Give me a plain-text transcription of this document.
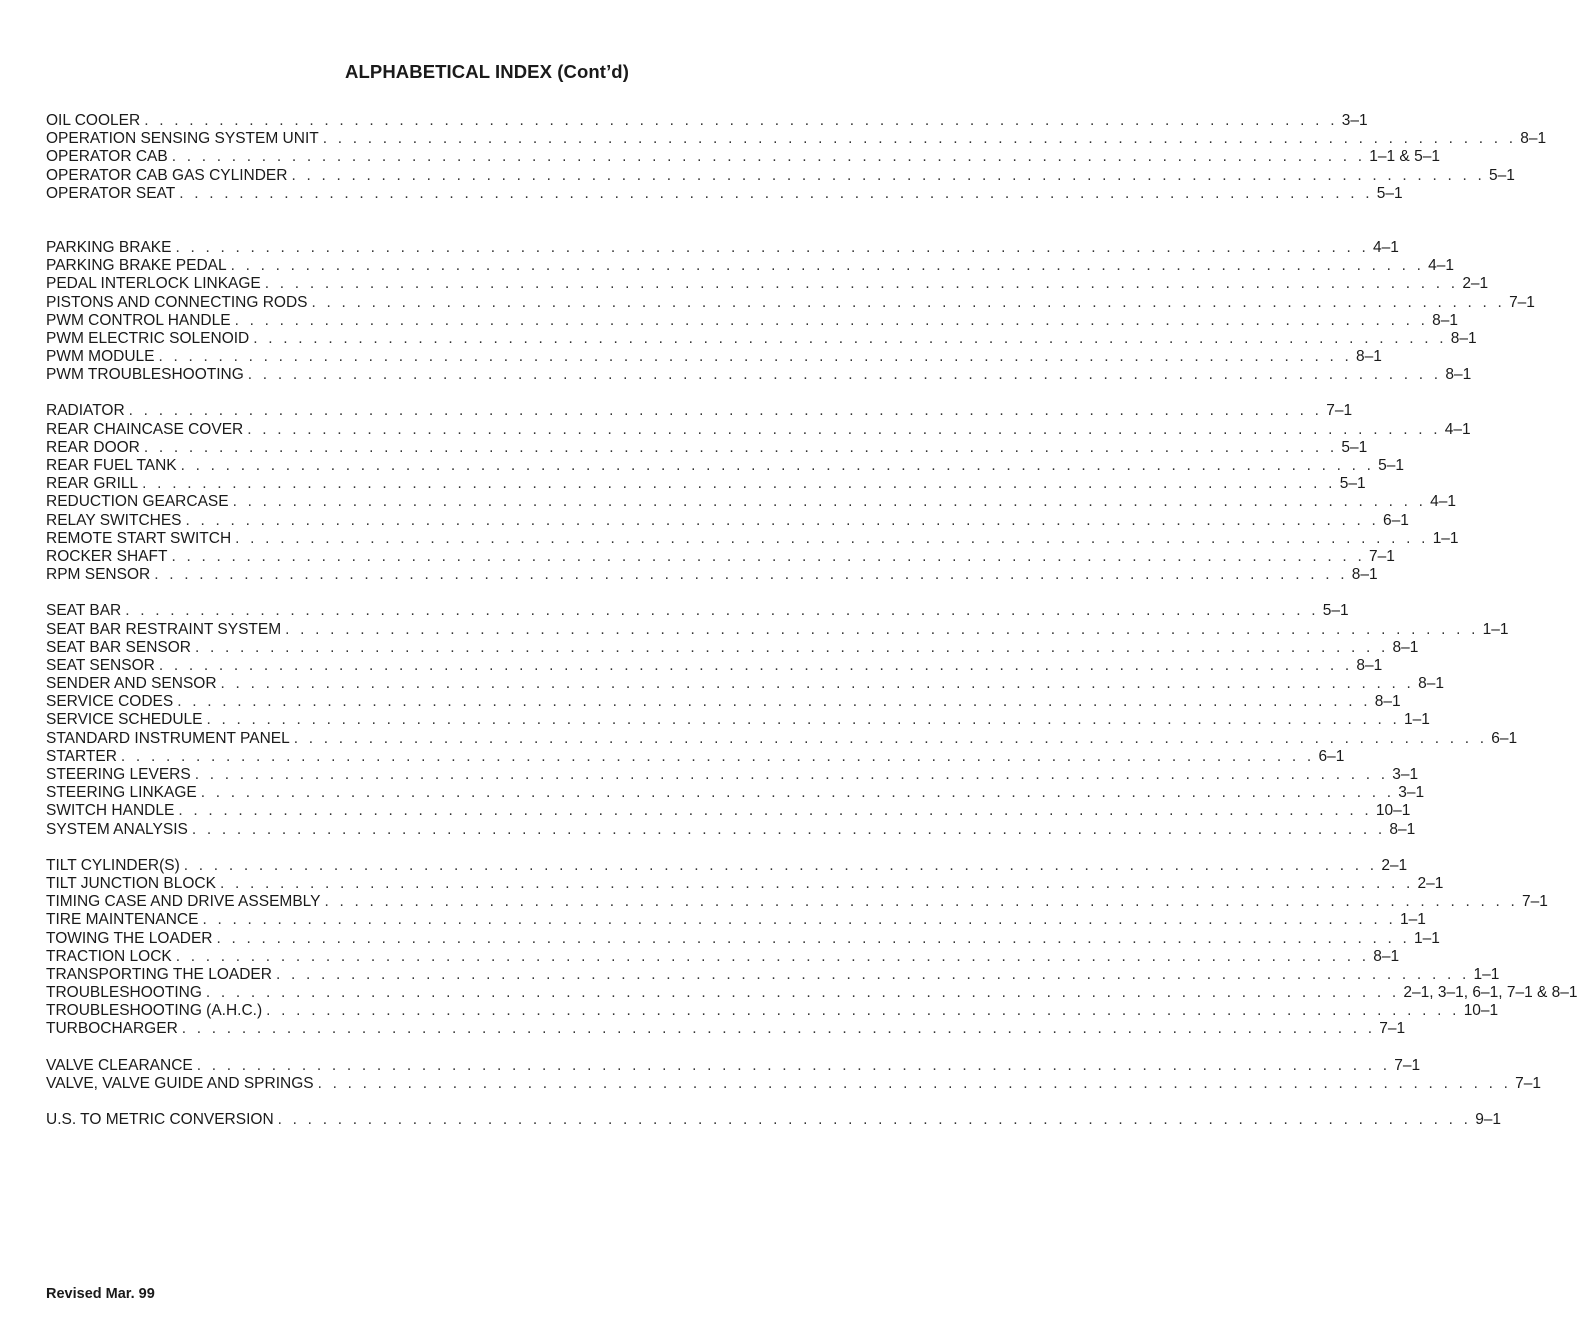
ALPHABETICAL INDEX (Cont’d)
OIL COOLER . . . . . . . . . . . . . . . . . . . . . . . . . . . . . . . . . . . . . . . . . . . . . . . . . . . . . . . . . . . . . . . . . . . . . . . . . . . . . . . . 3–1
OPERATION SENSING SYSTEM UNIT . . . . . . . . . . . . . . . . . . . . . . . . . . . . . . . . . . . . . . . . . . . . . . . . . . . . . . . . . . . . . . . . . . . . . . . . . . . . . . . . 8–1
OPERATOR CAB . . . . . . . . . . . . . . . . . . . . . . . . . . . . . . . . . . . . . . . . . . . . . . . . . . . . . . . . . . . . . . . . . . . . . . . . . . . . . . . . 1–1 & 5–1
OPERATOR CAB GAS CYLINDER . . . . . . . . . . . . . . . . . . . . . . . . . . . . . . . . . . . . . . . . . . . . . . . . . . . . . . . . . . . . . . . . . . . . . . . . . . . . . . . . 5–1
OPERATOR SEAT . . . . . . . . . . . . . . . . . . . . . . . . . . . . . . . . . . . . . . . . . . . . . . . . . . . . . . . . . . . . . . . . . . . . . . . . . . . . . . . . 5–1
PARKING BRAKE . . . . . . . . . . . . . . . . . . . . . . . . . . . . . . . . . . . . . . . . . . . . . . . . . . . . . . . . . . . . . . . . . . . . . . . . . . . . . . . . 4–1
PARKING BRAKE PEDAL . . . . . . . . . . . . . . . . . . . . . . . . . . . . . . . . . . . . . . . . . . . . . . . . . . . . . . . . . . . . . . . . . . . . . . . . . . . . . . . . 4–1
PEDAL INTERLOCK LINKAGE . . . . . . . . . . . . . . . . . . . . . . . . . . . . . . . . . . . . . . . . . . . . . . . . . . . . . . . . . . . . . . . . . . . . . . . . . . . . . . . . 2–1
PISTONS AND CONNECTING RODS . . . . . . . . . . . . . . . . . . . . . . . . . . . . . . . . . . . . . . . . . . . . . . . . . . . . . . . . . . . . . . . . . . . . . . . . . . . . . . . . 7–1
PWM CONTROL HANDLE . . . . . . . . . . . . . . . . . . . . . . . . . . . . . . . . . . . . . . . . . . . . . . . . . . . . . . . . . . . . . . . . . . . . . . . . . . . . . . . . 8–1
PWM ELECTRIC SOLENOID . . . . . . . . . . . . . . . . . . . . . . . . . . . . . . . . . . . . . . . . . . . . . . . . . . . . . . . . . . . . . . . . . . . . . . . . . . . . . . . . 8–1
PWM MODULE . . . . . . . . . . . . . . . . . . . . . . . . . . . . . . . . . . . . . . . . . . . . . . . . . . . . . . . . . . . . . . . . . . . . . . . . . . . . . . . . 8–1
PWM TROUBLESHOOTING . . . . . . . . . . . . . . . . . . . . . . . . . . . . . . . . . . . . . . . . . . . . . . . . . . . . . . . . . . . . . . . . . . . . . . . . . . . . . . . . 8–1
RADIATOR . . . . . . . . . . . . . . . . . . . . . . . . . . . . . . . . . . . . . . . . . . . . . . . . . . . . . . . . . . . . . . . . . . . . . . . . . . . . . . . . 7–1
REAR CHAINCASE COVER . . . . . . . . . . . . . . . . . . . . . . . . . . . . . . . . . . . . . . . . . . . . . . . . . . . . . . . . . . . . . . . . . . . . . . . . . . . . . . . . 4–1
REAR DOOR . . . . . . . . . . . . . . . . . . . . . . . . . . . . . . . . . . . . . . . . . . . . . . . . . . . . . . . . . . . . . . . . . . . . . . . . . . . . . . . . 5–1
REAR FUEL TANK . . . . . . . . . . . . . . . . . . . . . . . . . . . . . . . . . . . . . . . . . . . . . . . . . . . . . . . . . . . . . . . . . . . . . . . . . . . . . . . . 5–1
REAR GRILL . . . . . . . . . . . . . . . . . . . . . . . . . . . . . . . . . . . . . . . . . . . . . . . . . . . . . . . . . . . . . . . . . . . . . . . . . . . . . . . . 5–1
REDUCTION GEARCASE . . . . . . . . . . . . . . . . . . . . . . . . . . . . . . . . . . . . . . . . . . . . . . . . . . . . . . . . . . . . . . . . . . . . . . . . . . . . . . . . 4–1
RELAY SWITCHES . . . . . . . . . . . . . . . . . . . . . . . . . . . . . . . . . . . . . . . . . . . . . . . . . . . . . . . . . . . . . . . . . . . . . . . . . . . . . . . . 6–1
REMOTE START SWITCH . . . . . . . . . . . . . . . . . . . . . . . . . . . . . . . . . . . . . . . . . . . . . . . . . . . . . . . . . . . . . . . . . . . . . . . . . . . . . . . . 1–1
ROCKER SHAFT . . . . . . . . . . . . . . . . . . . . . . . . . . . . . . . . . . . . . . . . . . . . . . . . . . . . . . . . . . . . . . . . . . . . . . . . . . . . . . . . 7–1
RPM SENSOR . . . . . . . . . . . . . . . . . . . . . . . . . . . . . . . . . . . . . . . . . . . . . . . . . . . . . . . . . . . . . . . . . . . . . . . . . . . . . . . . 8–1
SEAT BAR . . . . . . . . . . . . . . . . . . . . . . . . . . . . . . . . . . . . . . . . . . . . . . . . . . . . . . . . . . . . . . . . . . . . . . . . . . . . . . . . 5–1
SEAT BAR RESTRAINT SYSTEM . . . . . . . . . . . . . . . . . . . . . . . . . . . . . . . . . . . . . . . . . . . . . . . . . . . . . . . . . . . . . . . . . . . . . . . . . . . . . . . . 1–1
SEAT BAR SENSOR . . . . . . . . . . . . . . . . . . . . . . . . . . . . . . . . . . . . . . . . . . . . . . . . . . . . . . . . . . . . . . . . . . . . . . . . . . . . . . . . 8–1
SEAT SENSOR . . . . . . . . . . . . . . . . . . . . . . . . . . . . . . . . . . . . . . . . . . . . . . . . . . . . . . . . . . . . . . . . . . . . . . . . . . . . . . . . 8–1
SENDER AND SENSOR . . . . . . . . . . . . . . . . . . . . . . . . . . . . . . . . . . . . . . . . . . . . . . . . . . . . . . . . . . . . . . . . . . . . . . . . . . . . . . . . 8–1
SERVICE CODES . . . . . . . . . . . . . . . . . . . . . . . . . . . . . . . . . . . . . . . . . . . . . . . . . . . . . . . . . . . . . . . . . . . . . . . . . . . . . . . . 8–1
SERVICE SCHEDULE . . . . . . . . . . . . . . . . . . . . . . . . . . . . . . . . . . . . . . . . . . . . . . . . . . . . . . . . . . . . . . . . . . . . . . . . . . . . . . . . 1–1
STANDARD INSTRUMENT PANEL . . . . . . . . . . . . . . . . . . . . . . . . . . . . . . . . . . . . . . . . . . . . . . . . . . . . . . . . . . . . . . . . . . . . . . . . . . . . . . . . 6–1
STARTER . . . . . . . . . . . . . . . . . . . . . . . . . . . . . . . . . . . . . . . . . . . . . . . . . . . . . . . . . . . . . . . . . . . . . . . . . . . . . . . . 6–1
STEERING LEVERS . . . . . . . . . . . . . . . . . . . . . . . . . . . . . . . . . . . . . . . . . . . . . . . . . . . . . . . . . . . . . . . . . . . . . . . . . . . . . . . . 3–1
STEERING LINKAGE . . . . . . . . . . . . . . . . . . . . . . . . . . . . . . . . . . . . . . . . . . . . . . . . . . . . . . . . . . . . . . . . . . . . . . . . . . . . . . . . 3–1
SWITCH HANDLE . . . . . . . . . . . . . . . . . . . . . . . . . . . . . . . . . . . . . . . . . . . . . . . . . . . . . . . . . . . . . . . . . . . . . . . . . . . . . . . . 10–1
SYSTEM ANALYSIS . . . . . . . . . . . . . . . . . . . . . . . . . . . . . . . . . . . . . . . . . . . . . . . . . . . . . . . . . . . . . . . . . . . . . . . . . . . . . . . . 8–1
TILT CYLINDER(S) . . . . . . . . . . . . . . . . . . . . . . . . . . . . . . . . . . . . . . . . . . . . . . . . . . . . . . . . . . . . . . . . . . . . . . . . . . . . . . . . 2–1
TILT JUNCTION BLOCK . . . . . . . . . . . . . . . . . . . . . . . . . . . . . . . . . . . . . . . . . . . . . . . . . . . . . . . . . . . . . . . . . . . . . . . . . . . . . . . . 2–1
TIMING CASE AND DRIVE ASSEMBLY . . . . . . . . . . . . . . . . . . . . . . . . . . . . . . . . . . . . . . . . . . . . . . . . . . . . . . . . . . . . . . . . . . . . . . . . . . . . . . . . 7–1
TIRE MAINTENANCE . . . . . . . . . . . . . . . . . . . . . . . . . . . . . . . . . . . . . . . . . . . . . . . . . . . . . . . . . . . . . . . . . . . . . . . . . . . . . . . . 1–1
TOWING THE LOADER . . . . . . . . . . . . . . . . . . . . . . . . . . . . . . . . . . . . . . . . . . . . . . . . . . . . . . . . . . . . . . . . . . . . . . . . . . . . . . . . 1–1
TRACTION LOCK . . . . . . . . . . . . . . . . . . . . . . . . . . . . . . . . . . . . . . . . . . . . . . . . . . . . . . . . . . . . . . . . . . . . . . . . . . . . . . . . 8–1
TRANSPORTING THE LOADER . . . . . . . . . . . . . . . . . . . . . . . . . . . . . . . . . . . . . . . . . . . . . . . . . . . . . . . . . . . . . . . . . . . . . . . . . . . . . . . . 1–1
TROUBLESHOOTING . . . . . . . . . . . . . . . . . . . . . . . . . . . . . . . . . . . . . . . . . . . . . . . . . . . . . . . . . . . . . . . . . . . . . . . . . . . . . . . . 2–1, 3–1, 6–1, 7–1 & 8–1
TROUBLESHOOTING (A.H.C.) . . . . . . . . . . . . . . . . . . . . . . . . . . . . . . . . . . . . . . . . . . . . . . . . . . . . . . . . . . . . . . . . . . . . . . . . . . . . . . . . 10–1
TURBOCHARGER . . . . . . . . . . . . . . . . . . . . . . . . . . . . . . . . . . . . . . . . . . . . . . . . . . . . . . . . . . . . . . . . . . . . . . . . . . . . . . . . 7–1
VALVE CLEARANCE . . . . . . . . . . . . . . . . . . . . . . . . . . . . . . . . . . . . . . . . . . . . . . . . . . . . . . . . . . . . . . . . . . . . . . . . . . . . . . . . 7–1
VALVE, VALVE GUIDE AND SPRINGS . . . . . . . . . . . . . . . . . . . . . . . . . . . . . . . . . . . . . . . . . . . . . . . . . . . . . . . . . . . . . . . . . . . . . . . . . . . . . . . . 7–1
U.S. TO METRIC CONVERSION . . . . . . . . . . . . . . . . . . . . . . . . . . . . . . . . . . . . . . . . . . . . . . . . . . . . . . . . . . . . . . . . . . . . . . . . . . . . . . . . 9–1
Revised Mar. 99
